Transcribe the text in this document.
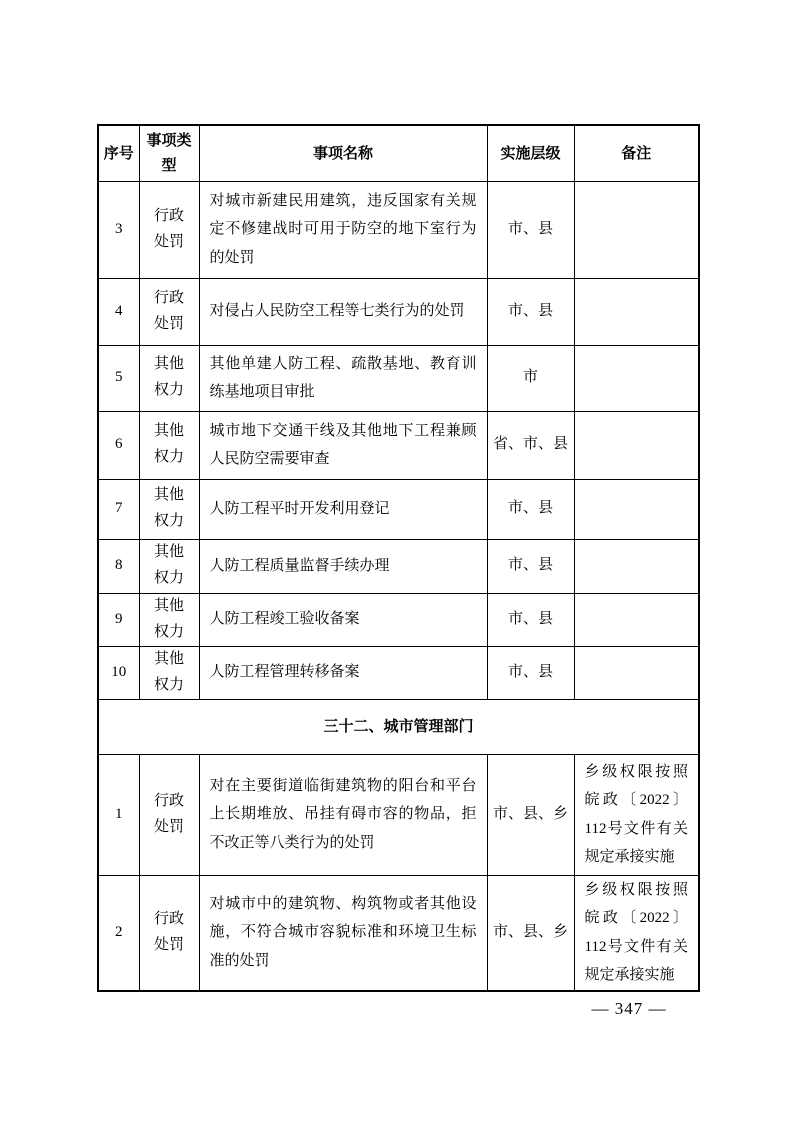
序号	事项类型	事项名称	实施层级	备注
3	行政处罚	对城市新建民用建筑，违反国家有关规定不修建战时可用于防空的地下室行为的处罚	市、县	
4	行政处罚	对侵占人民防空工程等七类行为的处罚	市、县	
5	其他权力	其他单建人防工程、疏散基地、教育训练基地项目审批	市	
6	其他权力	城市地下交通干线及其他地下工程兼顾人民防空需要审查	省、市、县	
7	其他权力	人防工程平时开发利用登记	市、县	
8	其他权力	人防工程质量监督手续办理	市、县	
9	其他权力	人防工程竣工验收备案	市、县	
10	其他权力	人防工程管理转移备案	市、县	
三十二、城市管理部门				
1	行政处罚	对在主要街道临街建筑物的阳台和平台上长期堆放、吊挂有碍市容的物品，拒不改正等八类行为的处罚	市、县、乡	乡级权限按照皖政〔2022〕112号文件有关规定承接实施
2	行政处罚	对城市中的建筑物、构筑物或者其他设施，不符合城市容貌标准和环境卫生标准的处罚	市、县、乡	乡级权限按照皖政〔2022〕112号文件有关规定承接实施
— 347 —
